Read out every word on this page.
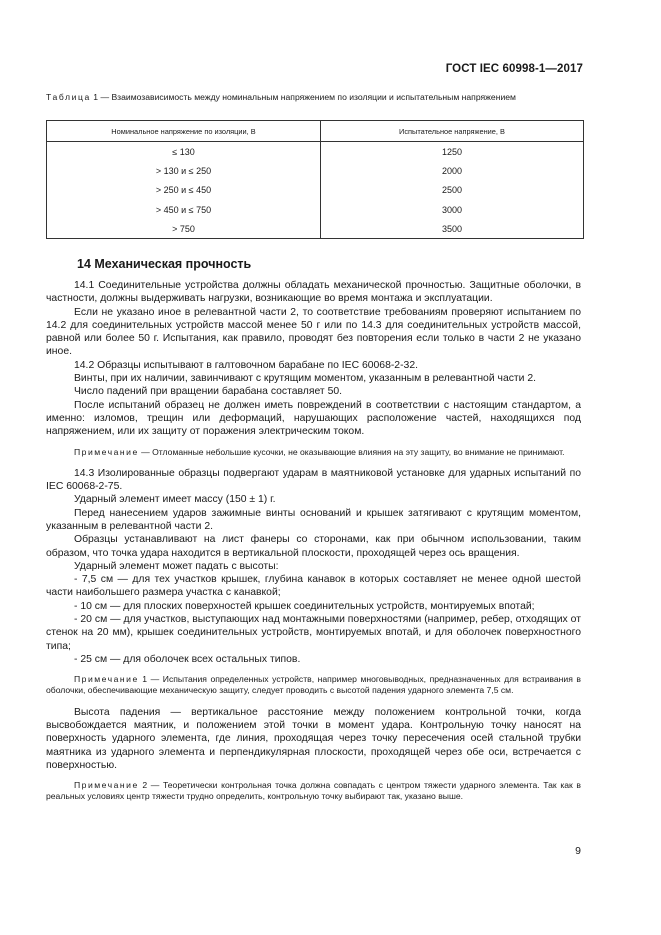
ГОСТ IEC 60998-1—2017
Таблица 1 — Взаимозависимость между номинальным напряжением по изоляции и испытательным напряжением
Номинальное напряжение по изоляции, В	Испытательное напряжение, В
≤ 130	1250
> 130 и ≤ 250	2000
> 250 и ≤ 450	2500
> 450 и ≤ 750	3000
> 750	3500
14 Механическая прочность

14.1 Соединительные устройства должны обладать механической прочностью. Защитные оболочки, в частности, должны выдерживать нагрузки, возникающие во время монтажа и эксплуатации.

Если не указано иное в релевантной части 2, то соответствие требованиям проверяют испытанием по 14.2 для соединительных устройств массой менее 50 г или по 14.3 для соединительных устройств массой, равной или более 50 г. Испытания, как правило, проводят без повторения если только в части 2 не указано иное.

14.2 Образцы испытывают в галтовочном барабане по IEC 60068-2-32.

Винты, при их наличии, завинчивают с крутящим моментом, указанным в релевантной части 2.

Число падений при вращении барабана составляет 50.

После испытаний образец не должен иметь повреждений в соответствии с настоящим стандартом, а именно: изломов, трещин или деформаций, нарушающих расположение частей, находящихся под напряжением, или их защиту от поражения электрическим током.

Примечание — Отломанные небольшие кусочки, не оказывающие влияния на эту защиту, во внимание не принимают.

14.3 Изолированные образцы подвергают ударам в маятниковой установке для ударных испытаний по IEC 60068-2-75.

Ударный элемент имеет массу (150 ± 1) г.

Перед нанесением ударов зажимные винты оснований и крышек затягивают с крутящим моментом, указанным в релевантной части 2.

Образцы устанавливают на лист фанеры со сторонами, как при обычном использовании, таким образом, что точка удара находится в вертикальной плоскости, проходящей через ось вращения.

Ударный элемент может падать с высоты:

- 7,5 см — для тех участков крышек, глубина канавок в которых составляет не менее одной шестой части наибольшего размера участка с канавкой;

- 10 см — для плоских поверхностей крышек соединительных устройств, монтируемых впотай;

- 20 см — для участков, выступающих над монтажными поверхностями (например, ребер, отходящих от стенок на 20 мм), крышек соединительных устройств, монтируемых впотай, и для оболочек поверхностного типа;

- 25 см — для оболочек всех остальных типов.

Примечание 1 — Испытания определенных устройств, например многовыводных, предназначенных для встраивания в оболочки, обеспечивающие механическую защиту, следует проводить с высотой падения ударного элемента 7,5 см.

Высота падения — вертикальное расстояние между положением контрольной точки, когда высвобождается маятник, и положением этой точки в момент удара. Контрольную точку наносят на поверхность ударного элемента, где линия, проходящая через точку пересечения осей стальной трубки маятника из ударного элемента и перпендикулярная плоскости, проходящей через обе оси, встречается с поверхностью.

Примечание 2 — Теоретически контрольная точка должна совпадать с центром тяжести ударного элемента. Так как в реальных условиях центр тяжести трудно определить, контрольную точку выбирают так, указано выше.

9
